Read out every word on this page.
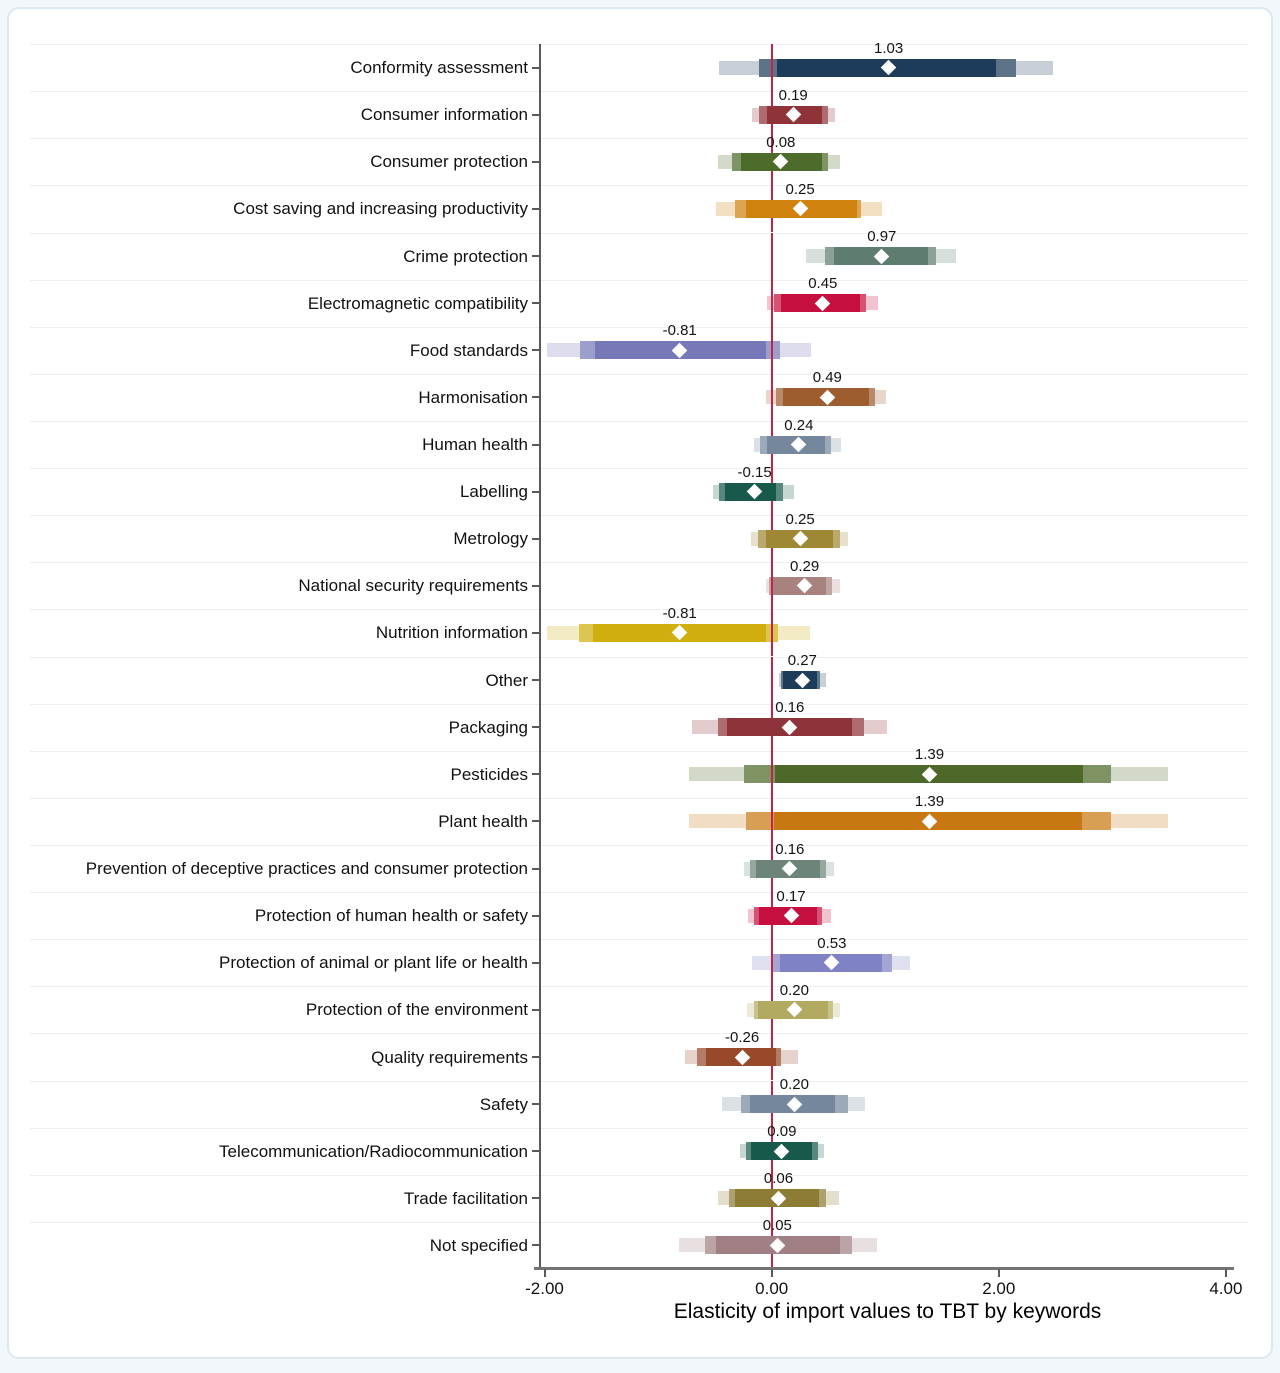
Conformity assessment
1.03
Consumer information
0.19
Consumer protection
0.08
Cost saving and increasing productivity
0.25
Crime protection
0.97
Electromagnetic compatibility
0.45
Food standards
-0.81
Harmonisation
0.49
Human health
0.24
Labelling
-0.15
Metrology
0.25
National security requirements
0.29
Nutrition information
-0.81
Other
0.27
Packaging
0.16
Pesticides
1.39
Plant health
1.39
Prevention of deceptive practices and consumer protection
0.16
Protection of human health or safety
0.17
Protection of animal or plant life or health
0.53
Protection of the environment
0.20
Quality requirements
-0.26
Safety
0.20
Telecommunication/Radiocommunication
0.09
Trade facilitation
0.06
Not specified
0.05
-2.00	0.00	2.00	4.00
Elasticity of import values to TBT by keywords
